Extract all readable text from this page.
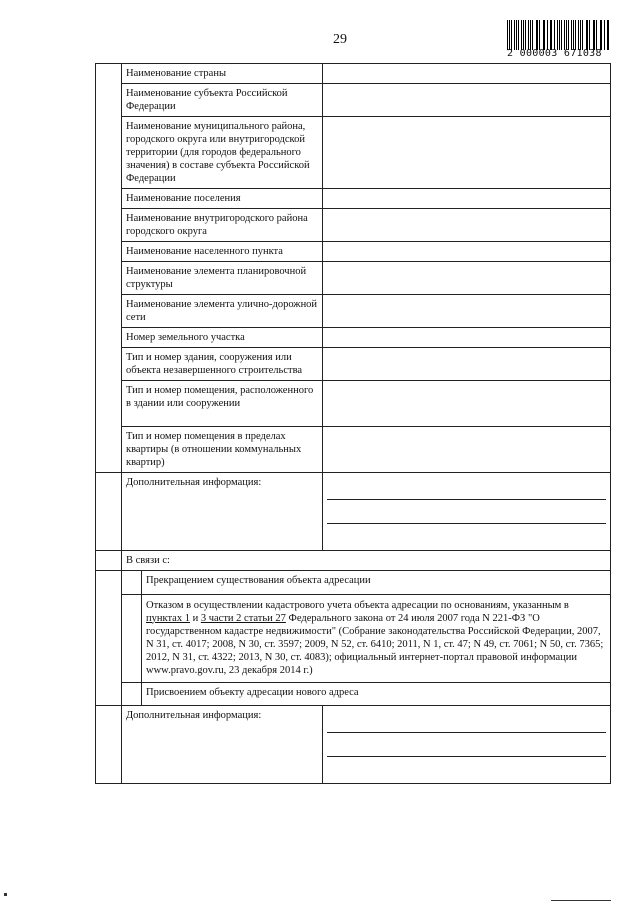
29
2 000003 671038
	Наименование страны	
Наименование субъекта Российской Федерации	
Наименование муниципального района, городского округа или внутригородской территории (для городов федерального значения) в составе субъекта Российской Федерации	
Наименование поселения	
Наименование внутригородского района городского округа	
Наименование населенного пункта	
Наименование элемента планировочной структуры	
Наименование элемента улично-дорожной сети	
Номер земельного участка	
Тип и номер здания, сооружения или объекта незавершенного строительства	
Тип и номер помещения, расположенного в здании или сооружении	
Тип и номер помещения в пределах квартиры (в отношении коммунальных квартир)	
	Дополнительная информация:	

	В связи с:

	Прекращением существования объекта адресации
	Отказом в осуществлении кадастрового учета объекта адресации по основаниям, указанным в пунктах 1 и 3 части 2 статьи 27 Федерального закона от 24 июля 2007 года N 221-ФЗ "О государственном кадастре недвижимости" (Собрание законодательства Российской Федерации, 2007, N 31, ст. 4017; 2008, N 30, ст. 3597; 2009, N 52, ст. 6410; 2011, N 1, ст. 47; N 49, ст. 7061; N 50, ст. 7365; 2012, N 31, ст. 4322; 2013, N 30, ст. 4083); официальный интернет-портал правовой информации www.pravo.gov.ru, 23 декабря 2014 г.)
	Присвоением объекту адресации нового адреса

	Дополнительная информация:	
